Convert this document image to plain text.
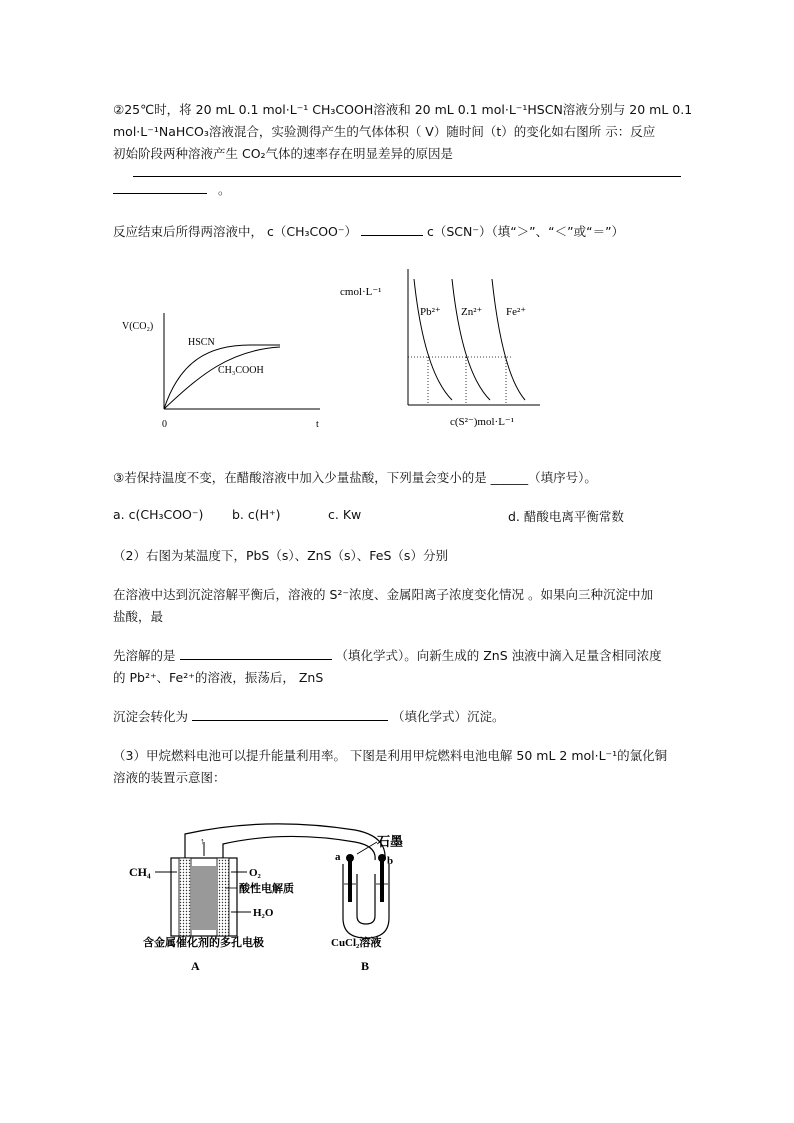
②25℃时，将 20 mL 0.1 mol·L⁻¹ CH₃COOH溶液和 20 mL 0.1 mol·L⁻¹HSCN溶液分别与 20 mL 0.1
mol·L⁻¹NaHCO₃溶液混合，实验测得产生的气体体积（ V）随时间（t）的变化如右图所 示：反应
初始阶段两种溶液产生 CO₂气体的速率存在明显差异的原因是
。
反应结束后所得两溶液中， c（CH₃COO⁻）	c（SCN⁻）（填“＞”、“＜”或“＝”）
V(CO₂)
HSCN
CH₃COOH
0	t
cmol·L⁻¹
Pb²⁺ Zn²⁺ Fe²⁺
c(S²⁻)mol·L⁻¹
③若保持温度不变，在醋酸溶液中加入少量盐酸，下列量会变小的是 ______（填序号）。
a. c(CH₃COO⁻) b. c(H⁺)	c. Kw	d. 醋酸电离平衡常数
（2）右图为某温度下，PbS（s）、ZnS（s）、FeS（s）分别
在溶液中达到沉淀溶解平衡后，溶液的 S²⁻浓度、金属阳离子浓度变化情况 。如果向三种沉淀中加
盐酸，最
先溶解的是	（填化学式）。向新生成的 ZnS 浊液中滴入足量含相同浓度
的 Pb²⁺、Fe²⁺的溶液，振荡后， ZnS
沉淀会转化为	（填化学式）沉淀。
（3）甲烷燃料电池可以提升能量利用率。 下图是利用甲烷燃料电池电解 50 mL 2 mol·L⁻¹的氯化铜
溶液的装置示意图：
↑
CH₄	O₂
H₂O
酸性电解质
含金属催化剂的多孔电极
A
a	b
石墨
CuCl₂溶液
B
